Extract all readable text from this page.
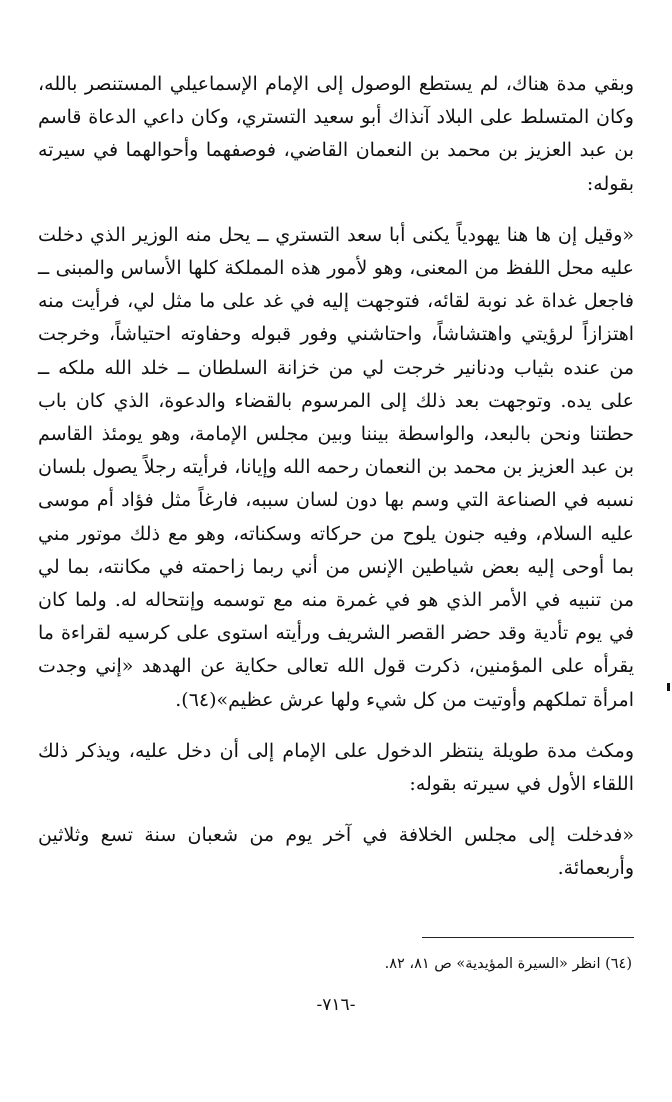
وبقي مدة هناك، لم يستطع الوصول إلى الإمام الإسماعيلي المستنصر بالله، وكان المتسلط على البلاد آنذاك أبو سعيد التستري، وكان داعي الدعاة قاسم بن عبد العزيز بن محمد بن النعمان القاضي، فوصفهما وأحوالهما في سيرته بقوله:

«وقيل إن ها هنا يهودياً يكنى أبا سعد التستري ــ يحل منه الوزير الذي دخلت عليه محل اللفظ من المعنى، وهو لأمور هذه المملكة كلها الأساس والمبنى ــ فاجعل غداة غد نوبة لقائه، فتوجهت إليه في غد على ما مثل لي، فرأيت منه اهتزازاً لرؤيتي واهتشاشاً، واحتاشني وفور قبوله وحفاوته احتياشاً، وخرجت من عنده بثياب ودنانير خرجت لي من خزانة السلطان ــ خلد الله ملكه ــ على يده. وتوجهت بعد ذلك إلى المرسوم بالقضاء والدعوة، الذي كان باب حطتنا ونحن بالبعد، والواسطة بيننا وبين مجلس الإمامة، وهو يومئذ القاسم بن عبد العزيز بن محمد بن النعمان رحمه الله وإيانا، فرأيته رجلاً يصول بلسان نسبه في الصناعة التي وسم بها دون لسان سببه، فارغاً مثل فؤاد أم موسى عليه السلام، وفيه جنون يلوح من حركاته وسكناته، وهو مع ذلك موتور مني بما أوحى إليه بعض شياطين الإنس من أني ربما زاحمته في مكانته، بما لي من تنبيه في الأمر الذي هو في غمرة منه مع توسمه وإنتحاله له. ولما كان في يوم تأدية وقد حضر القصر الشريف ورأيته استوى على كرسيه لقراءة ما يقرأه على المؤمنين، ذكرت قول الله تعالى حكاية عن الهدهد «إني وجدت امرأة تملكهم وأوتيت من كل شيء ولها عرش عظيم»(٦٤).

ومكث مدة طويلة ينتظر الدخول على الإمام إلى أن دخل عليه، ويذكر ذلك اللقاء الأول في سيرته بقوله:

«فدخلت إلى مجلس الخلافة في آخر يوم من شعبان سنة تسع وثلاثين وأربعمائة.

(٦٤) انظر «السيرة المؤيدية» ص ٨١، ٨٢.
-٧١٦-
